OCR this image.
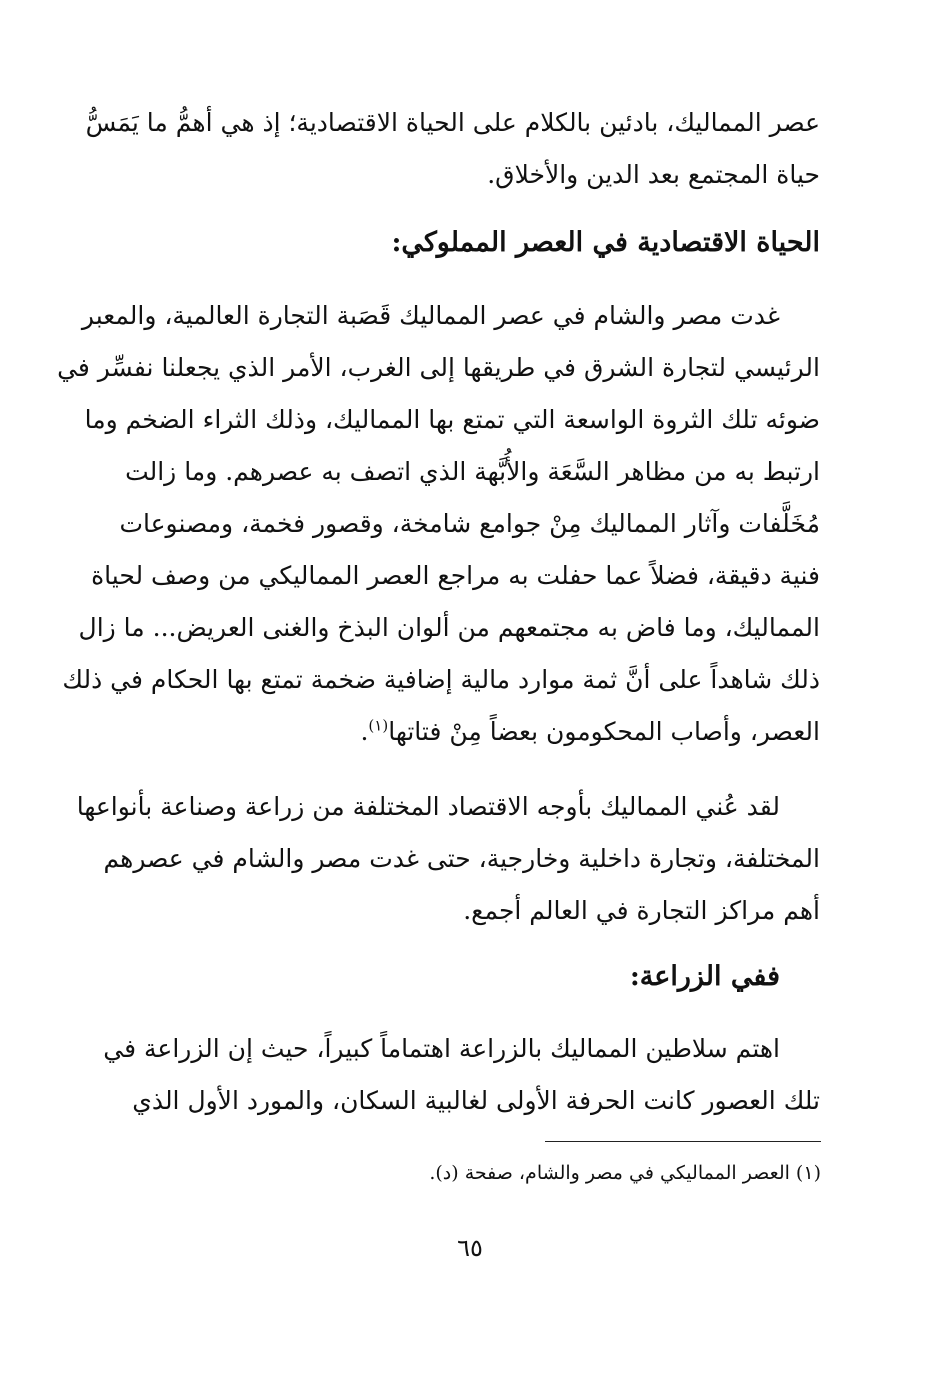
عصر المماليك، بادئين بالكلام على الحياة الاقتصادية؛ إذ هي أهمُّ ما يَمَسُّ
حياة المجتمع بعد الدين والأخلاق.
الحياة الاقتصادية في العصر المملوكي:
غدت مصر والشام في عصر المماليك قَصَبة التجارة العالمية، والمعبر
الرئيسي لتجارة الشرق في طريقها إلى الغرب، الأمر الذي يجعلنا نفسِّر في
ضوئه تلك الثروة الواسعة التي تمتع بها المماليك، وذلك الثراء الضخم وما
ارتبط به من مظاهر السَّعَة والأُبَّهة الذي اتصف به عصرهم. وما زالت
مُخَلَّفات وآثار المماليك مِنْ جوامع شامخة، وقصور فخمة، ومصنوعات
فنية دقيقة، فضلاً عما حفلت به مراجع العصر المماليكي من وصف لحياة
المماليك، وما فاض به مجتمعهم من ألوان البذخ والغنى العريض... ما زال
ذلك شاهداً على أنَّ ثمة موارد مالية إضافية ضخمة تمتع بها الحكام في ذلك
العصر، وأصاب المحكومون بعضاً مِنْ فتاتها$^{(١)}$.
لقد عُني المماليك بأوجه الاقتصاد المختلفة من زراعة وصناعة بأنواعها
المختلفة، وتجارة داخلية وخارجية، حتى غدت مصر والشام في عصرهم
أهم مراكز التجارة في العالم أجمع.
ففي الزراعة:
اهتم سلاطين المماليك بالزراعة اهتماماً كبيراً، حيث إن الزراعة في
تلك العصور كانت الحرفة الأولى لغالبية السكان، والمورد الأول الذي
(١) العصر المماليكي في مصر والشام، صفحة (د).
٦٥
